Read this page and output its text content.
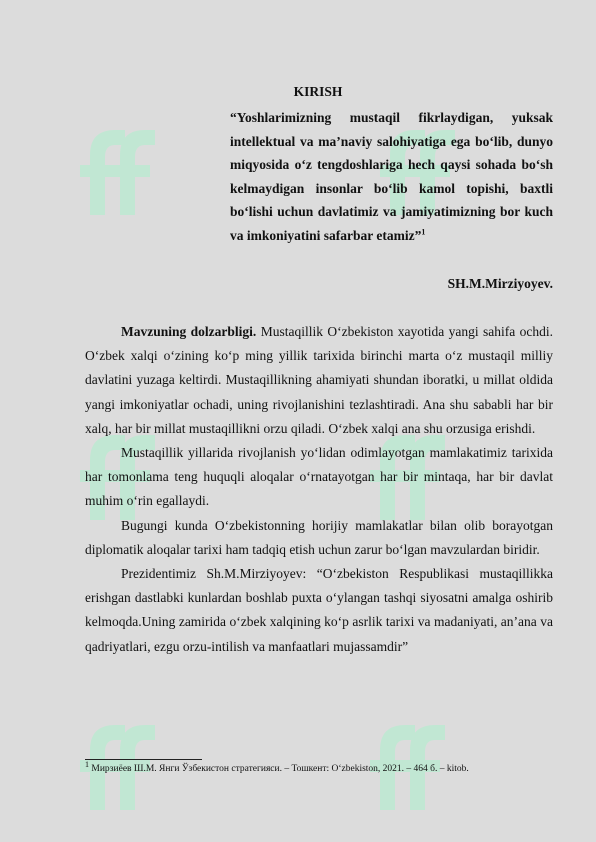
KIRISH
“Yoshlarimizning mustaqil fikrlaydigan, yuksak intellektual va ma’naviy salohiyatiga ega bo‘lib, dunyo miqyosida o‘z tengdoshlariga hech qaysi sohada bo‘sh kelmaydigan insonlar bo‘lib kamol topishi, baxtli bo‘lishi uchun davlatimiz va jamiyatimizning bor kuch va imkoniyatini safarbar etamiz”$^1$
SH.M.Mirziyoyev.

Mavzuning dolzarbligi. Mustaqillik O‘zbekiston xayotida yangi sahifa ochdi. O‘zbek xalqi o‘zining ko‘p ming yillik tarixida birinchi marta o‘z mustaqil milliy davlatini yuzaga keltirdi. Mustaqillikning ahamiyati shundan iboratki, u millat oldida yangi imkoniyatlar ochadi, uning rivojlanishini tezlashtiradi. Ana shu sababli har bir xalq, har bir millat mustaqillikni orzu qiladi. O‘zbek xalqi ana shu orzusiga erishdi.

Mustaqillik yillarida rivojlanish yo‘lidan odimlayotgan mamlakatimiz tarixida har tomonlama teng huquqli aloqalar o‘rnatayotgan har bir mintaqa, har bir davlat muhim o‘rin egallaydi.

Bugungi kunda O‘zbekistonning horijiy mamlakatlar bilan olib borayotgan diplomatik aloqalar tarixi ham tadqiq etish uchun zarur bo‘lgan mavzulardan biridir.

Prezidentimiz Sh.M.Mirziyoyev: “O‘zbekiston Respublikasi mustaqillikka erishgan dastlabki kunlardan boshlab puxta o‘ylangan tashqi siyosatni amalga oshirib kelmoqda.Uning zamirida o‘zbek xalqining ko‘p asrlik tarixi va madaniyati, an’ana va qadriyatlari, ezgu orzu-intilish va manfaatlari mujassamdir”

$^1$ Мирзиёев Ш.М. Янги Ўзбекистон стратегияси. – Тошкент: O‘zbekiston, 2021. – 464 б. – kitob.
